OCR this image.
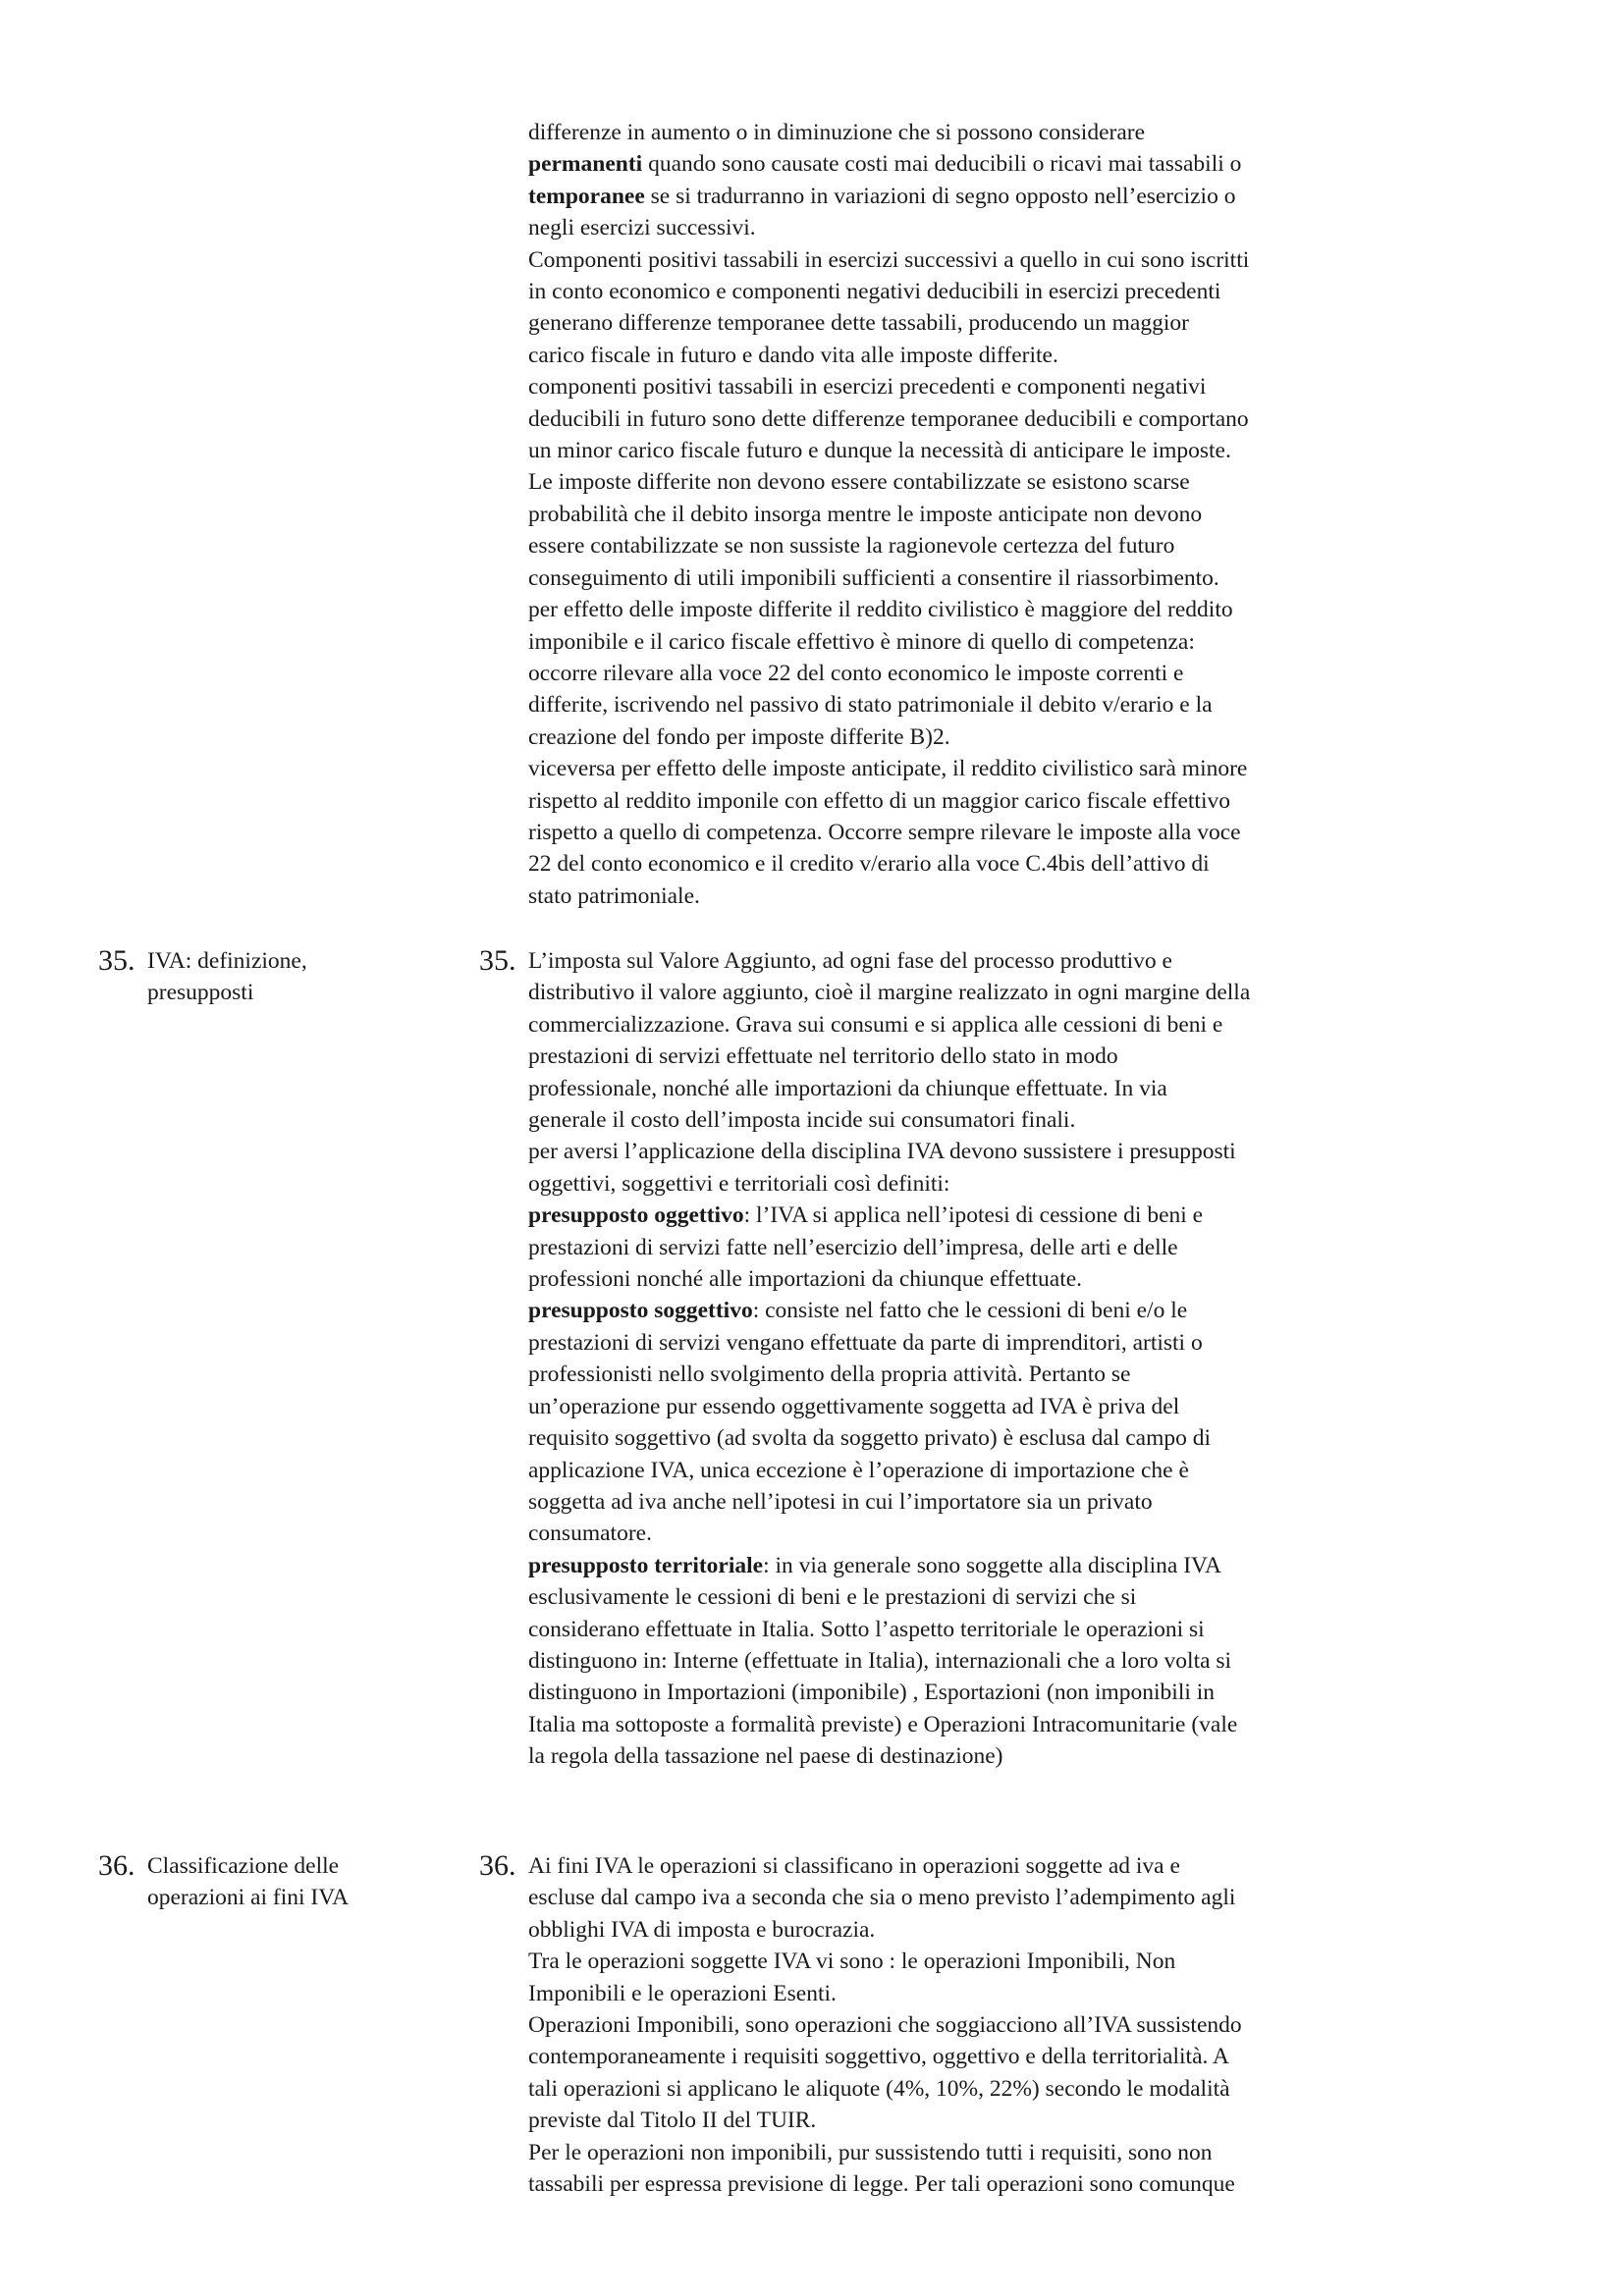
differenze in aumento o in diminuzione che si possono considerare

permanenti quando sono causate costi mai deducibili o ricavi mai tassabili o

temporanee se si tradurranno in variazioni di segno opposto nell’esercizio o

negli esercizi successivi.

Componenti positivi tassabili in esercizi successivi a quello in cui sono iscritti

in conto economico e componenti negativi deducibili in esercizi precedenti

generano differenze temporanee dette tassabili, producendo un maggior

carico fiscale in futuro e dando vita alle imposte differite.

componenti positivi tassabili in esercizi precedenti e componenti negativi

deducibili in futuro sono dette differenze temporanee deducibili e comportano

un minor carico fiscale futuro e dunque la necessità di anticipare le imposte.

Le imposte differite non devono essere contabilizzate se esistono scarse

probabilità che il debito insorga mentre le imposte anticipate non devono

essere contabilizzate se non sussiste la ragionevole certezza del futuro

conseguimento di utili imponibili sufficienti a consentire il riassorbimento.

per effetto delle imposte differite il reddito civilistico è maggiore del reddito

imponibile e il carico fiscale effettivo è minore di quello di competenza:

occorre rilevare alla voce 22 del conto economico le imposte correnti e

differite, iscrivendo nel passivo di stato patrimoniale il debito v/erario e la

creazione del fondo per imposte differite B)2.

viceversa per effetto delle imposte anticipate, il reddito civilistico sarà minore

rispetto al reddito imponile con effetto di un maggior carico fiscale effettivo

rispetto a quello di competenza. Occorre sempre rilevare le imposte alla voce

22 del conto economico e il credito v/erario alla voce C.4bis dell’attivo di

stato patrimoniale.

35. IVA: definizione,

presupposti

35. L’imposta sul Valore Aggiunto, ad ogni fase del processo produttivo e

distributivo il valore aggiunto, cioè il margine realizzato in ogni margine della

commercializzazione. Grava sui consumi e si applica alle cessioni di beni e

prestazioni di servizi effettuate nel territorio dello stato in modo

professionale, nonché alle importazioni da chiunque effettuate. In via

generale il costo dell’imposta incide sui consumatori finali.

per aversi l’applicazione della disciplina IVA devono sussistere i presupposti

oggettivi, soggettivi e territoriali così definiti:

presupposto oggettivo: l’IVA si applica nell’ipotesi di cessione di beni e

prestazioni di servizi fatte nell’esercizio dell’impresa, delle arti e delle

professioni nonché alle importazioni da chiunque effettuate.

presupposto soggettivo: consiste nel fatto che le cessioni di beni e/o le

prestazioni di servizi vengano effettuate da parte di imprenditori, artisti o

professionisti nello svolgimento della propria attività. Pertanto se

un’operazione pur essendo oggettivamente soggetta ad IVA è priva del

requisito soggettivo (ad svolta da soggetto privato) è esclusa dal campo di

applicazione IVA, unica eccezione è l’operazione di importazione che è

soggetta ad iva anche nell’ipotesi in cui l’importatore sia un privato

consumatore.

presupposto territoriale: in via generale sono soggette alla disciplina IVA

esclusivamente le cessioni di beni e le prestazioni di servizi che si

considerano effettuate in Italia. Sotto l’aspetto territoriale le operazioni si

distinguono in: Interne (effettuate in Italia), internazionali che a loro volta si

distinguono in Importazioni (imponibile) , Esportazioni (non imponibili in

Italia ma sottoposte a formalità previste) e Operazioni Intracomunitarie (vale

la regola della tassazione nel paese di destinazione)

36. Classificazione delle

operazioni ai fini IVA

36. Ai fini IVA le operazioni si classificano in operazioni soggette ad iva e

escluse dal campo iva a seconda che sia o meno previsto l’adempimento agli

obblighi IVA di imposta e burocrazia.

Tra le operazioni soggette IVA vi sono : le operazioni Imponibili, Non

Imponibili e le operazioni Esenti.

Operazioni Imponibili, sono operazioni che soggiacciono all’IVA sussistendo

contemporaneamente i requisiti soggettivo, oggettivo e della territorialità. A

tali operazioni si applicano le aliquote (4%, 10%, 22%) secondo le modalità

previste dal Titolo II del TUIR.

Per le operazioni non imponibili, pur sussistendo tutti i requisiti, sono non

tassabili per espressa previsione di legge. Per tali operazioni sono comunque
